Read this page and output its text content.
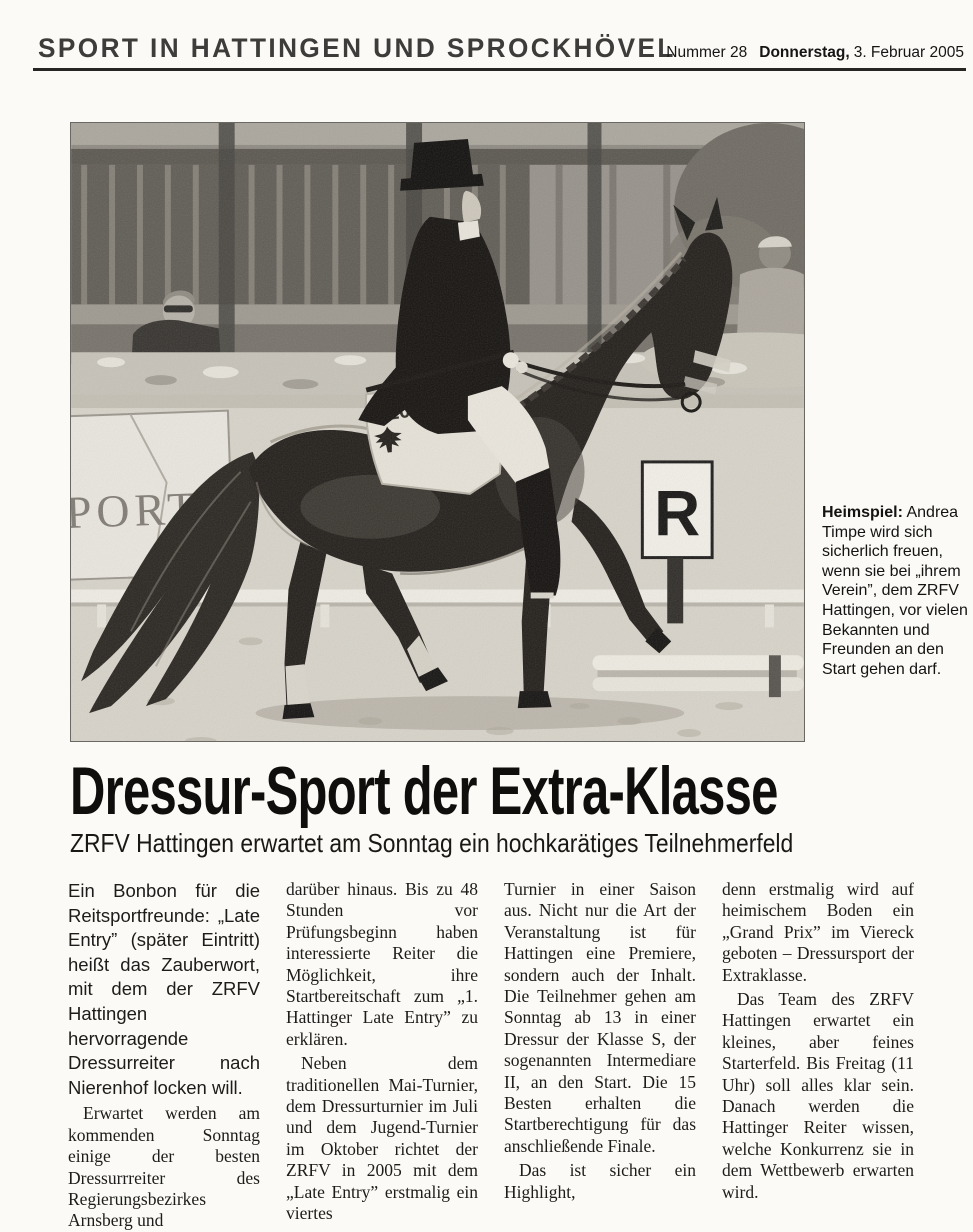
SPORT IN HATTINGEN UND SPROCKHÖVEL
Nummer 28 Donnerstag, 3. Februar 2005

Heimspiel: Andrea Timpe wird sich sicherlich freuen, wenn sie bei „ihrem Verein”, dem ZRFV Hattingen, vor vielen Bekannten und Freunden an den Start gehen darf.

Dressur-Sport der Extra-Klasse
ZRFV Hattingen erwartet am Sonntag ein hochkarätiges Teilnehmerfeld

Ein Bonbon für die Reitsportfreunde: „Late Entry” (später Eintritt) heißt das Zauberwort, mit dem der ZRFV Hattingen hervorragende Dressurreiter nach Nierenhof locken will.

Erwartet werden am kommenden Sonntag einige der besten Dressurrreiter des Regierungsbezirkes Arnsberg und

darüber hinaus. Bis zu 48 Stunden vor Prüfungsbeginn haben interessierte Reiter die Möglichkeit, ihre Startbereitschaft zum „1. Hattinger Late Entry” zu erklären.

Neben dem traditionellen Mai-Turnier, dem Dressurturnier im Juli und dem Jugend-Turnier im Oktober richtet der ZRFV in 2005 mit dem „Late Entry” erstmalig ein viertes

Turnier in einer Saison aus. Nicht nur die Art der Veranstaltung ist für Hattingen eine Premiere, sondern auch der Inhalt. Die Teilnehmer gehen am Sonntag ab 13 in einer Dressur der Klasse S, der sogenannten Intermediare II, an den Start. Die 15 Besten erhalten die Startberechtigung für das anschließende Finale.

Das ist sicher ein Highlight,

denn erstmalig wird auf heimischem Boden ein „Grand Prix” im Viereck geboten – Dressursport der Extraklasse.

Das Team des ZRFV Hattingen erwartet ein kleines, aber feines Starterfeld. Bis Freitag (11 Uhr) soll alles klar sein. Danach werden die Hattinger Reiter wissen, welche Konkurrenz sie in dem Wettbewerb erwarten wird.
